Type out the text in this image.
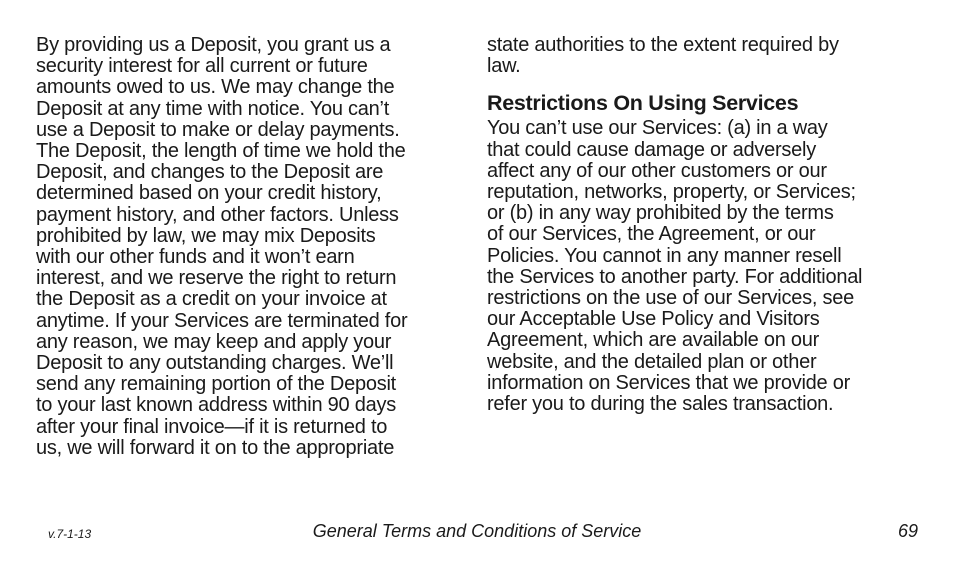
By providing us a Deposit, you grant us a
security interest for all current or future
amounts owed to us. We may change the
Deposit at any time with notice. You can’t
use a Deposit to make or delay payments.
The Deposit, the length of time we hold the
Deposit, and changes to the Deposit are
determined based on your credit history,
payment history, and other factors. Unless
prohibited by law, we may mix Deposits
with our other funds and it won’t earn
interest, and we reserve the right to return
the Deposit as a credit on your invoice at
anytime. If your Services are terminated for
any reason, we may keep and apply your
Deposit to any outstanding charges. We’ll
send any remaining portion of the Deposit
to your last known address within 90 days
after your final invoice—if it is returned to
us, we will forward it on to the appropriate
state authorities to the extent required by
law.
Restrictions On Using Services
You can’t use our Services: (a) in a way
that could cause damage or adversely
affect any of our other customers or our
reputation, networks, property, or Services;
or (b) in any way prohibited by the terms
of our Services, the Agreement, or our
Policies. You cannot in any manner resell
the Services to another party. For additional
restrictions on the use of our Services, see
our Acceptable Use Policy and Visitors
Agreement, which are available on our
website, and the detailed plan or other
information on Services that we provide or
refer you to during the sales transaction.
v.7-1-13	General Terms and Conditions of Service	69
